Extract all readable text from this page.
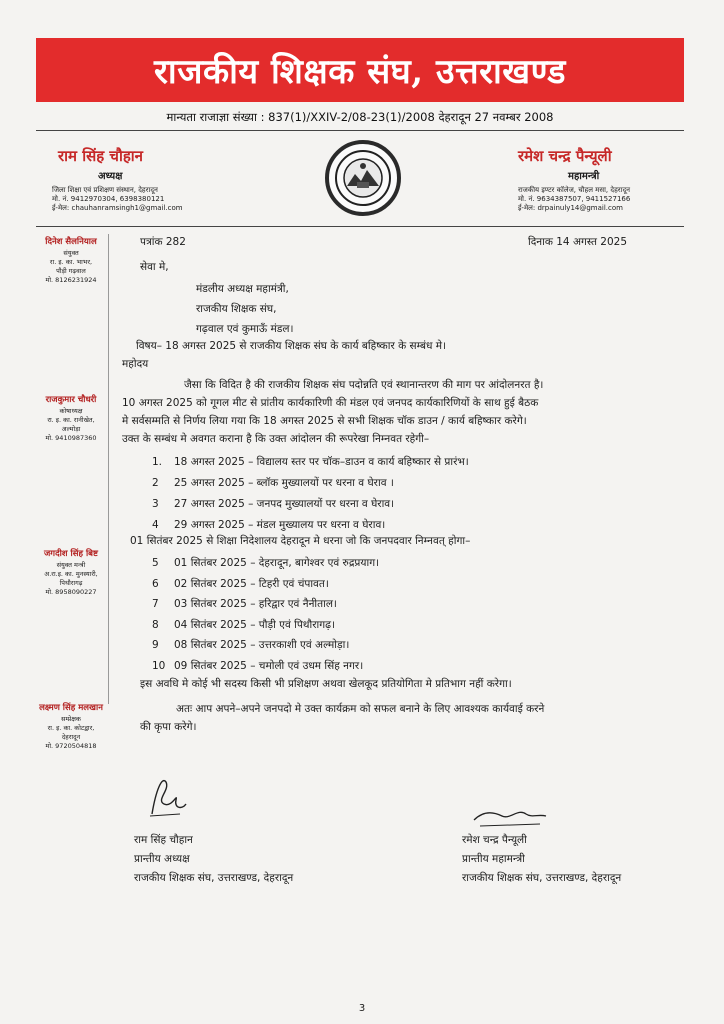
राजकीय शिक्षक संघ, उत्तराखण्ड
मान्यता राजाज्ञा संख्या : 837(1)/XXIV-2/08-23(1)/2008 देहरादून 27 नवम्बर 2008
राम सिंह चौहान
अध्यक्ष
जिला शिक्षा एवं प्रशिक्षण संस्थान, देहरादून
मो. नं. 9412970304, 6398380121
ई-मेल: chauhanramsingh1@gmail.com
रमेश चन्द्र पैन्यूली
महामन्त्री
राजकीय इण्टर कॉलेज, चौहल मसा, देहरादून
मो. नं. 9634387507, 9411527166
ई-मेल: drpainuly14@gmail.com
दिनेश सैलनियाल
संयुक्त
रा. इ. का. भाभर,
पौड़ी गढ़वाल
मो. 8126231924
राजकुमार चौधरी
कोषाध्यक्ष
रा. इ. का. रानीखेत,
अल्मोड़ा
मो. 9410987360
जगदीश सिंह बिष्ट
संयुक्त मन्त्री
अ.रा.इ. का. मुनस्यारी,
पिथौरागढ़
मो. 8958090227
लक्ष्मण सिंह मलखान
सम्प्रेक्षक
रा. इ. का. कोटद्वार,
देहरादून
मो. 9720504818
पत्रांक 282	दिनाक 14 अगस्त 2025
सेवा मे,
मंडलीय अध्यक्ष महामंत्री,
राजकीय शिक्षक संघ,
गढ़वाल एवं कुमाऊँ मंडल।
विषय– 18 अगस्त 2025 से राजकीय शिक्षक संघ के कार्य बहिष्कार के सम्बंध मे।
महोदय
जैसा कि विदित है की राजकीय शिक्षक संघ पदोन्नति एवं स्थानान्तरण की माग पर आंदोलनरत है।
10 अगस्त 2025 को गूगल मीट से प्रांतीय कार्यकारिणी की मंडल एवं जनपद कार्यकारिणियों के साथ हुई बैठक
मे सर्वसम्मति से निर्णय लिया गया कि 18 अगस्त 2025 से सभी शिक्षक चॉक डाउन / कार्य बहिष्कार करेगे।
उक्त के सम्बंध मे अवगत कराना है कि उक्त आंदोलन की रूपरेखा निम्नवत रहेगी–
1. 18 अगस्त 2025 – विद्यालय स्तर पर चॉक–डाउन व कार्य बहिष्कार से प्रारंभ।
2 25 अगस्त 2025 – ब्लॉक मुख्यालयों पर धरना व घेराव ।
3 27 अगस्त 2025 – जनपद मुख्यालयों पर धरना व घेराव।
4 29 अगस्त 2025 – मंडल मुख्यालय पर धरना व घेराव।
01 सितंबर 2025 से शिक्षा निदेशालय देहरादून मे धरना जो कि जनपदवार निम्नवत् होगा–
5 01 सितंबर 2025 – देहरादून, बागेश्वर एवं रुद्रप्रयाग।
6 02 सितंबर 2025 – टिहरी एवं चंपावत।
7 03 सितंबर 2025 – हरिद्वार एवं नैनीताल।
8 04 सितंबर 2025 – पौड़ी एवं पिथौरागढ़।
9 08 सितंबर 2025 – उत्तरकाशी एवं अल्मोड़ा।
10 09 सितंबर 2025 – चमोली एवं उधम सिंह नगर।
इस अवधि मे कोई भी सदस्य किसी भी प्रशिक्षण अथवा खेलकूद प्रतियोगिता मे प्रतिभाग नहीं करेगा।
अतः आप अपने–अपने जनपदो मे उक्त कार्यक्रम को सफल बनाने के लिए आवश्यक कार्यवाई करने
की कृपा करेगे।
राम सिंह चौहान
प्रान्तीय अध्यक्ष
राजकीय शिक्षक संघ, उत्तराखण्ड, देहरादून
रमेश चन्द्र पैन्यूली
प्रान्तीय महामन्त्री
राजकीय शिक्षक संघ, उत्तराखण्ड, देहरादून
3
